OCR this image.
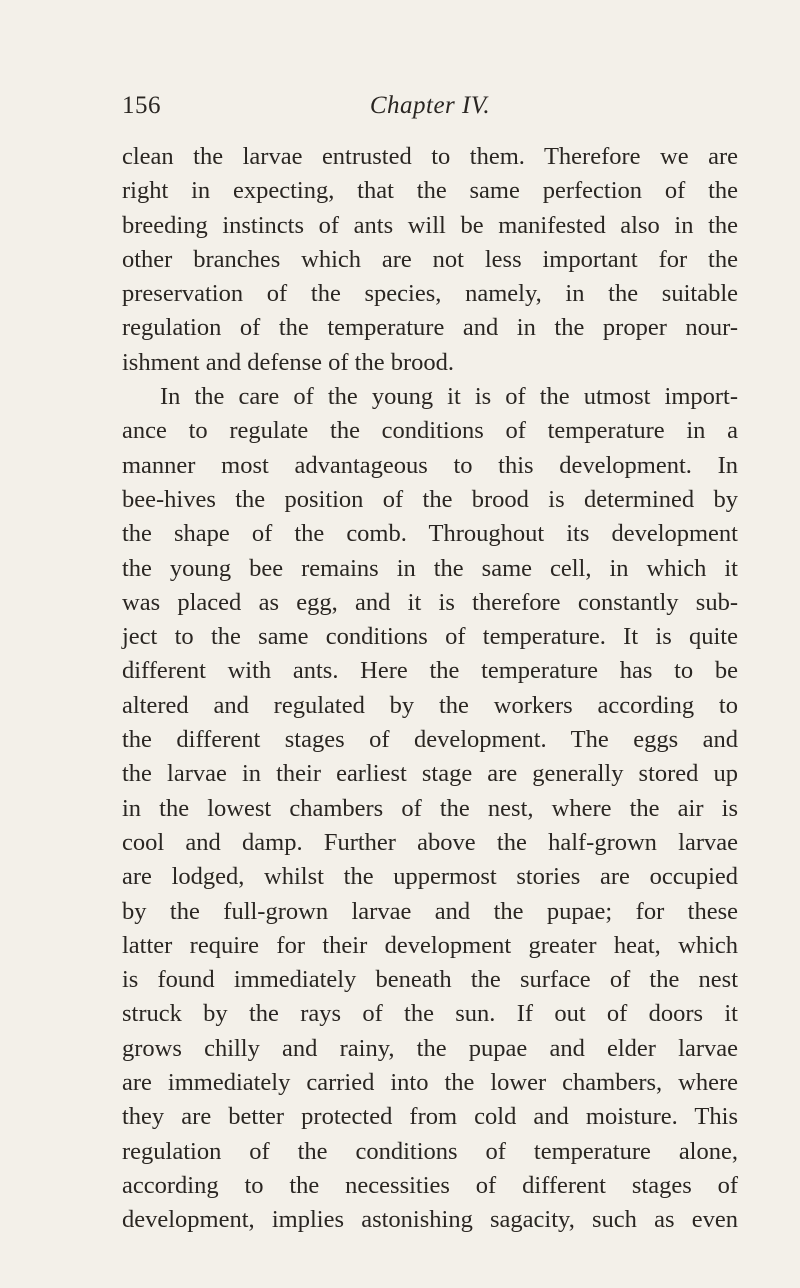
156	Chapter IV.
clean the larvae entrusted to them. Therefore we are
right in expecting, that the same perfection of the
breeding instincts of ants will be manifested also in the
other branches which are not less important for the
preservation of the species, namely, in the suitable
regulation of the temperature and in the proper nour-
ishment and defense of the brood.
In the care of the young it is of the utmost import-
ance to regulate the conditions of temperature in a
manner most advantageous to this development. In
bee-hives the position of the brood is determined by
the shape of the comb. Throughout its development
the young bee remains in the same cell, in which it
was placed as egg, and it is therefore constantly sub-
ject to the same conditions of temperature. It is quite
different with ants. Here the temperature has to be
altered and regulated by the workers according to
the different stages of development. The eggs and
the larvae in their earliest stage are generally stored up
in the lowest chambers of the nest, where the air is
cool and damp. Further above the half-grown larvae
are lodged, whilst the uppermost stories are occupied
by the full-grown larvae and the pupae; for these
latter require for their development greater heat, which
is found immediately beneath the surface of the nest
struck by the rays of the sun. If out of doors it
grows chilly and rainy, the pupae and elder larvae
are immediately carried into the lower chambers, where
they are better protected from cold and moisture. This
regulation of the conditions of temperature alone,
according to the necessities of different stages of
development, implies astonishing sagacity, such as even
